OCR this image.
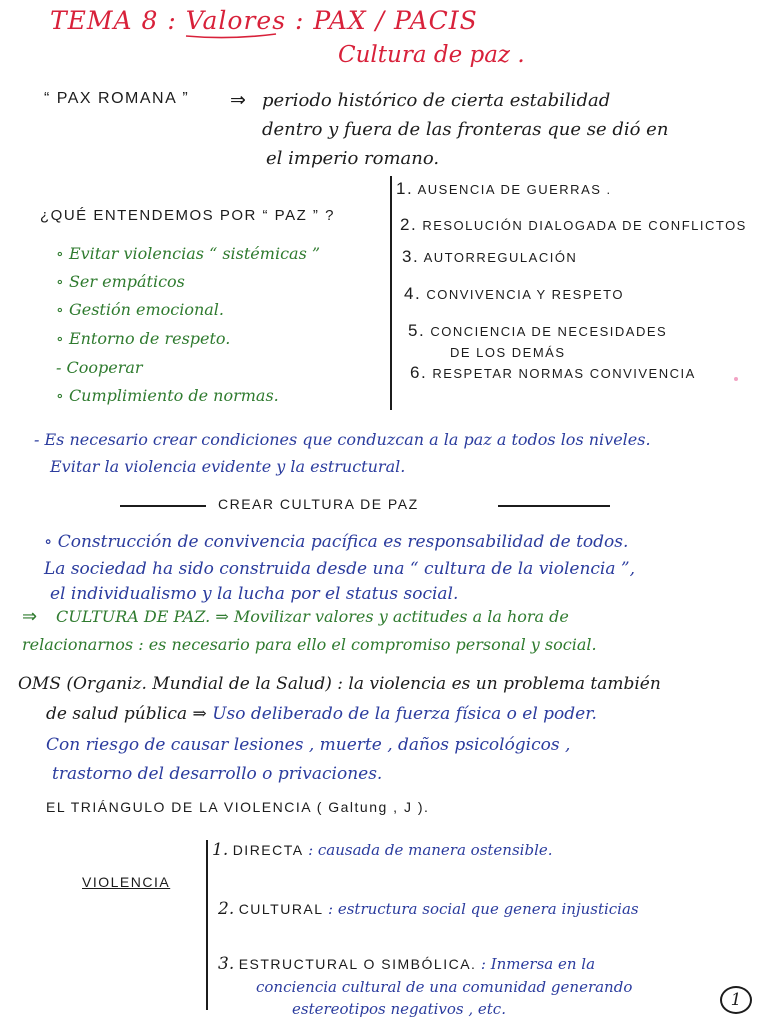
TEMA 8 : Valores : PAX / PACIS
Cultura de paz .
“ PAX ROMANA ” ⇒ periodo histórico de cierta estabilidad
dentro y fuera de las fronteras que se dió en
el imperio romano.
¿QUÉ ENTENDEMOS POR “ PAZ ” ?
∘ Evitar violencias “ sistémicas ”
∘ Ser empáticos
∘ Gestión emocional.
∘ Entorno de respeto.
- Cooperar
∘ Cumplimiento de normas.
1. AUSENCIA DE GUERRAS .
2. RESOLUCIÓN DIALOGADA DE CONFLICTOS
3. AUTORREGULACIÓN
4. CONVIVENCIA Y RESPETO
5. CONCIENCIA DE NECESIDADES
DE LOS DEMÁS
6. RESPETAR NORMAS CONVIVENCIA
- Es necesario crear condiciones que conduzcan a la paz a todos los niveles.
Evitar la violencia evidente y la estructural.
CREAR CULTURA DE PAZ
∘ Construcción de convivencia pacífica es responsabilidad de todos.
La sociedad ha sido construida desde una “ cultura de la violencia ”,
el individualismo y la lucha por el status social.
⇒ CULTURA DE PAZ. ⇒ Movilizar valores y actitudes a la hora de
relacionarnos : es necesario para ello el compromiso personal y social.
OMS (Organiz. Mundial de la Salud) : la violencia es un problema también
de salud pública ⇒ Uso deliberado de la fuerza física o el poder.
Con riesgo de causar lesiones , muerte , daños psicológicos ,
trastorno del desarrollo o privaciones.
EL TRIÁNGULO DE LA VIOLENCIA ( Galtung , J ).
VIOLENCIA
1. DIRECTA : causada de manera ostensible.
2. CULTURAL : estructura social que genera injusticias
3. ESTRUCTURAL O SIMBÓLICA. : Inmersa en la
conciencia cultural de una comunidad generando
estereotipos negativos , etc.	1
